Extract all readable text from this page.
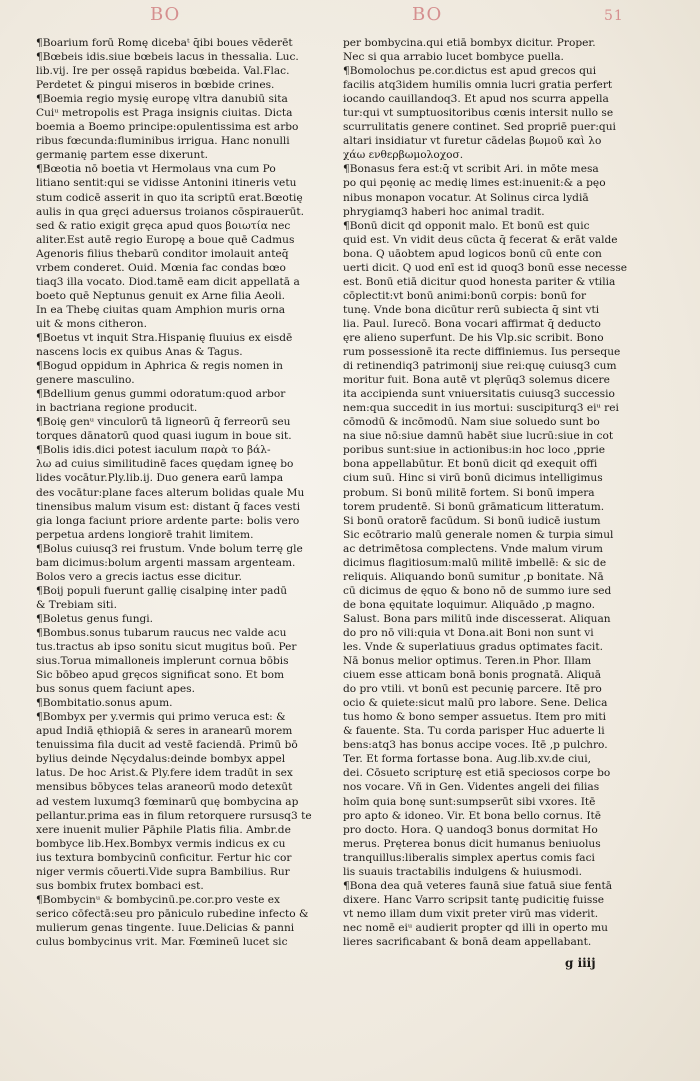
BO	BO	51
¶Boarium forū Romę dicebaᵗ q̄ibi boues vēderēt
¶Bœbeis idis.siue bœbeis lacus in thessalia. Luc.
lib.vij. Ire per ossęā rapidus bœbeida. Val.Flac.
Perdetet & pingui miseros in bœbide crines.
¶Boemia regio mysię europę vltra danubiū sita
Cuiᵘ metropolis est Praga insignis ciuitas. Dicta
boemia a Boemo principe:opulentissima est arbo
ribus fœcunda:fluminibus irrigua. Hanc nonulli
germanię partem esse dixerunt.
¶Bœotia nō boetia vt Hermolaus vna cum Po
litiano sentit:qui se vidisse Antonini itineris vetu
stum codicē asserit in quo ita scriptū erat.Bœotię
aulis in qua gręci aduersus troianos cōspirauerūt.
sed & ratio exigit gręca apud quos βοιωτία nec
aliter.Est autē regio Europę a boue quē Cadmus
Agenoris filius thebarū conditor imolauit anteq̄
vrbem conderet. Ouid. Mœnia fac condas bœo
tiaq3 illa vocato. Diod.tamē eam dicit appellatā a
boeto quē Neptunus genuit ex Arne filia Aeoli.
In ea Thebę ciuitas quam Amphion muris orna
uit & mons citheron.
¶Boetus vt inquit Stra.Hispanię fluuius ex eisdē
nascens locis ex quibus Anas & Tagus.
¶Bogud oppidum in Aphrica & regis nomen in
genere masculino.
¶Bdellium genus gummi odoratum:quod arbor
in bactriana regione producit.
¶Boię genᵘ vinculorū tā ligneorū q̄ ferreorū seu
torques dānatorū quod quasi iugum in boue sit.
¶Bolis idis.dici potest iaculum παρὰ το βάλ-
λω ad cuius similitudinē faces quędam igneę bo
lides vocātur.Ply.lib.ij. Duo genera earū lampa
des vocātur:plane faces alterum bolidas quale Mu
tinensibus malum visum est: distant q̄ faces vesti
gia longa faciunt priore ardente parte: bolis vero
perpetua ardens longiorē trahit limitem.
¶Bolus cuiusq3 rei frustum. Vnde bolum terrę gle
bam dicimus:bolum argenti massam argenteam.
Bolos vero a grecis iactus esse dicitur.
¶Boij populi fuerunt gallię cisalpinę inter padū
& Trebiam siti.
¶Boletus genus fungi.
¶Bombus.sonus tubarum raucus nec valde acu
tus.tractus ab ipso sonitu sicut mugitus boū. Per
sius.Torua mimalloneis implerunt cornua bōbis
Sic bōbeo apud gręcos significat sono. Et bom
bus sonus quem faciunt apes.
¶Bombitatio.sonus apum.
¶Bombyx per y.vermis qui primo veruca est: &
apud Indiā ęthiopiā & seres in aranearū morem
tenuissima fila ducit ad vestē faciendā. Primū bō
bylius deinde Nęcydalus:deinde bombyx appel
latus. De hoc Arist.& Ply.fere idem tradūt in sex
mensibus bōbyces telas araneorū modo detexūt
ad vestem luxumq3 fœminarū quę bombycina ap
pellantur.prima eas in filum retorquere rursusq3 te
xere inuenit mulier Pāphile Platis filia. Ambr.de
bombyce lib.Hex.Bombyx vermis indicus ex cu
ius textura bombycinū conficitur. Fertur hic cor
niger vermis cōuerti.Vide supra Bambilius. Rur
sus bombix frutex bombaci est.
¶Bombycinᵘ & bombycinū.pe.cor.pro veste ex
serico cōfectā:seu pro pāniculo rubedine infecto &
mulierum genas tingente. Iuue.Delicias & panni
culus bombycinus vrit. Mar. Fœmineū lucet sic
per bombycina.qui etiā bombyx dicitur. Proper.
Nec si qua arrabio lucet bombyce puella.
¶Bomolochus pe.cor.dictus est apud grecos qui
facilis atq3idem humilis omnia lucri gratia perfert
iocando cauillandoq3. Et apud nos scurra appella
tur:qui vt sumptuositoribus cœnis intersit nullo se
scurrulitatis genere continet. Sed propriē puer:qui
altari insidiatur vt furetur cādelas βωμοῦ καὶ λο
χάω ενθερβωμολοχοσ.
¶Bonasus fera est:q̄ vt scribit Ari. in mōte mesa
po qui pęonię ac medię limes est:inuenit:& a pęo
nibus monapon vocatur. At Solinus circa lydiā
phrygiamq3 haberi hoc animal tradit.
¶Bonū dicit qd opponit malo. Et bonū est quic
quid est. Vn vidit deus cūcta q̄ fecerat & erāt valde
bona. Q uāobtem apud logicos bonū cū ente con
uerti dicit. Q uod enī est id quoq3 bonū esse necesse
est. Bonū etiā dicitur quod honesta pariter & vtilia
cōplectit:vt bonū animi:bonū corpis: bonū for
tunę. Vnde bona dicūtur rerū subiecta q̄ sint vti
lia. Paul. Iurecō. Bona vocari affirmat q̄ deducto
ęre alieno superfunt. De his Vlp.sic scribit. Bono
rum possessionē ita recte diffiniemus. Ius perseque
di retinendiq3 patrimonij siue rei:quę cuiusq3 cum
moritur fuit. Bona autē vt plęrūq3 solemus dicere
ita accipienda sunt vniuersitatis cuiusq3 successio
nem:qua succedit in ius mortui: suscipiturq3 eiᵘ rei
cōmodū & incōmodū. Nam siue soluedo sunt bo
na siue nō:siue damnū habēt siue lucrū:siue in cot
poribus sunt:siue in actionibus:in hoc loco ,pprie
bona appellabūtur. Et bonū dicit qd exequit offi
cium suū. Hinc si virū bonū dicimus intelligimus
probum. Si bonū militē fortem. Si bonū impera
torem prudentē. Si bonū grāmaticum litteratum.
Si bonū oratorē facūdum. Si bonū iudicē iustum
Sic ecōtrario malū generale nomen & turpia simul
ac detrimētosa complectens. Vnde malum virum
dicimus flagitiosum:malū militē imbellē: & sic de
reliquis. Aliquando bonū sumitur ,p bonitate. Nā
cū dicimus de ęquo & bono nō de summo iure sed
de bona ęquitate loquimur. Aliquādo ,p magno.
Salust. Bona pars militū inde discesserat. Aliquan
do pro nō vili:quia vt Dona.ait Boni non sunt vi
les. Vnde & superlatiuus gradus optimates facit.
Nā bonus melior optimus. Teren.in Phor. Illam
ciuem esse atticam bonā bonis prognatā. Aliquā
do pro vtili. vt bonū est pecunię parcere. Itē pro
ocio & quiete:sicut malū pro labore. Sene. Delica
tus homo & bono semper assuetus. Item pro miti
& fauente. Sta. Tu corda parisper Huc aduerte li
bens:atq3 has bonus accipe voces. Itē ,p pulchro.
Ter. Et forma fortasse bona. Aug.lib.xv.de ciui,
dei. Cōsueto scripturę est etiā speciosos corpe bo
nos vocare. Vñ in Gen. Videntes angeli dei filias
hoīm quia bonę sunt:sumpserūt sibi vxores. Itē
pro apto & idoneo. Vir. Et bona bello cornus. Itē
pro docto. Hora. Q uandoq3 bonus dormitat Ho
merus. Pręterea bonus dicit humanus beniuolus
tranquillus:liberalis simplex apertus comis faci
lis suauis tractabilis indulgens & huiusmodi.
¶Bona dea quā veteres faunā siue fatuā siue fentā
dixere. Hanc Varro scripsit tantę pudicitię fuisse
vt nemo illam dum vixit preter virū mas viderit.
nec nomē eiᵘ audierit propter qd illi in operto mu
lieres sacrificabant & bonā deam appellabant.
g iiij
